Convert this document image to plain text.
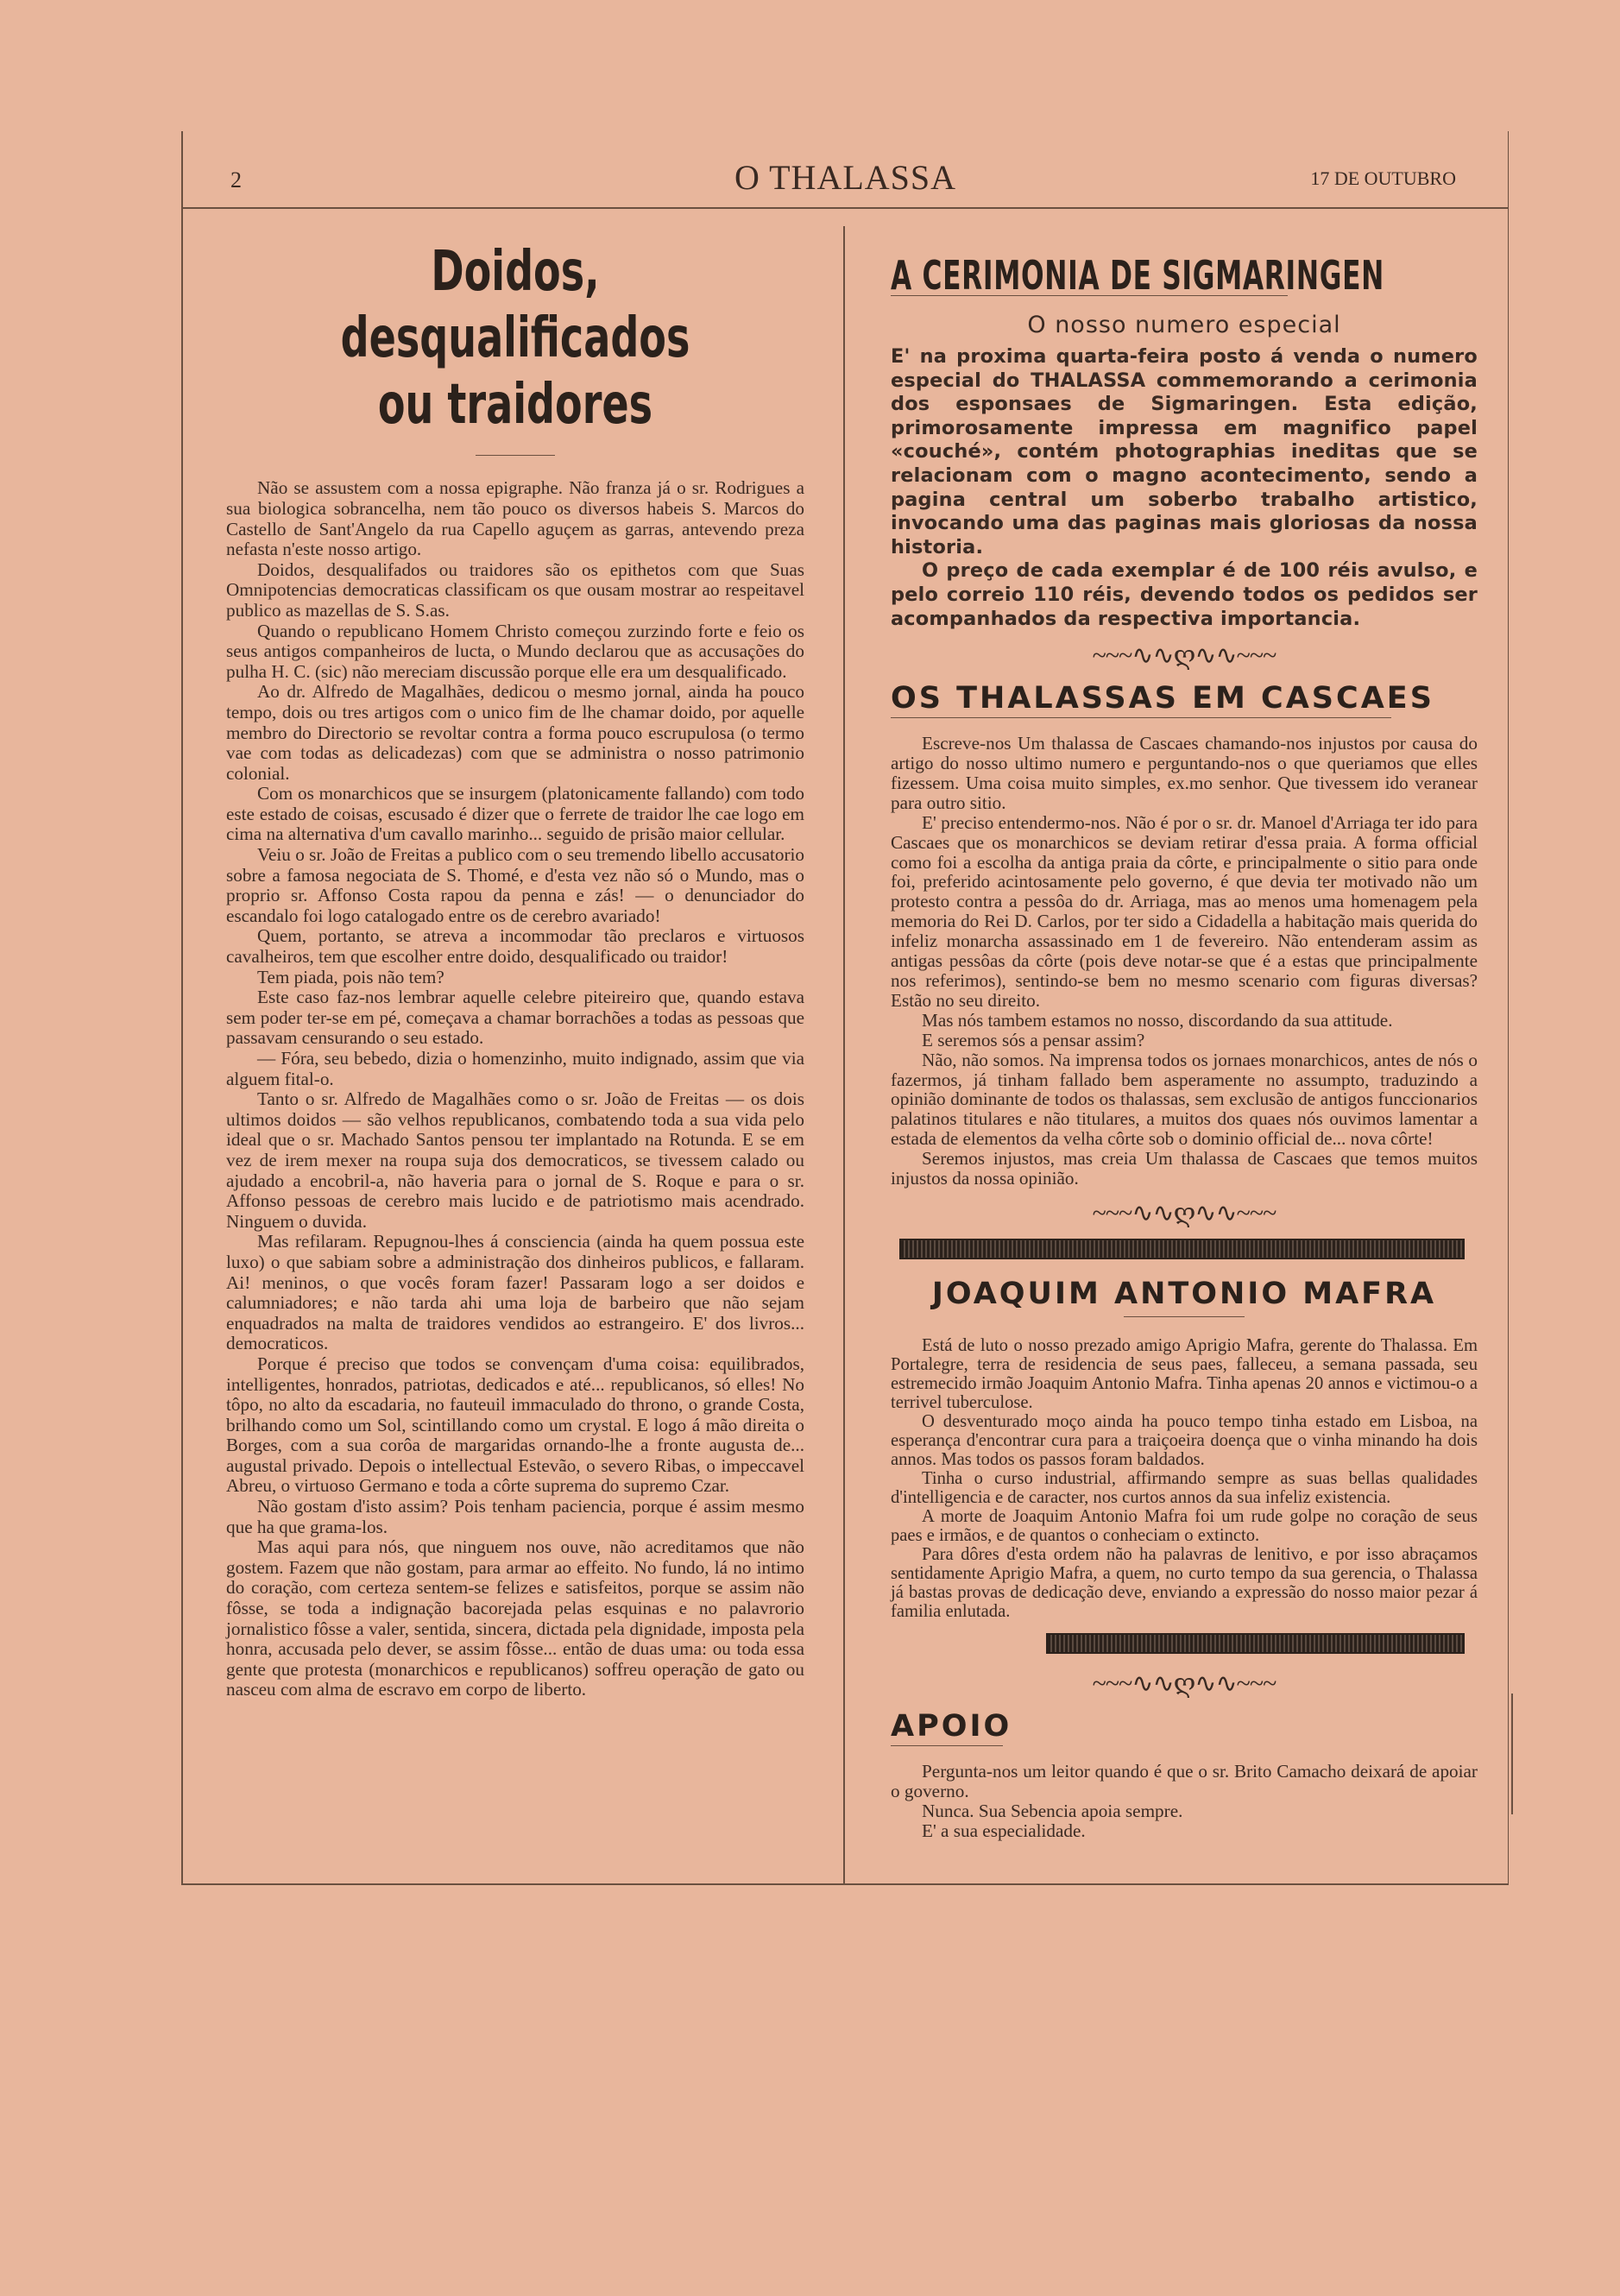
2	O THALASSA	17 DE OUTUBRO
Doidos, desqualificados
ou traidores

Não se assustem com a nossa epigraphe. Não franza já o sr. Rodrigues a sua biologica sobrancelha, nem tão pouco os diversos habeis S. Marcos do Castello de Sant'Angelo da rua Capello aguçem as garras, antevendo preza nefasta n'este nosso artigo.

Doidos, desqualifados ou traidores são os epithetos com que Suas Omnipotencias democraticas classificam os que ousam mostrar ao respeitavel publico as mazellas de S. S.as.

Quando o republicano Homem Christo começou zurzindo forte e feio os seus antigos companheiros de lucta, o Mundo declarou que as accusações do pulha H. C. (sic) não mereciam discussão porque elle era um desqualificado.

Ao dr. Alfredo de Magalhães, dedicou o mesmo jornal, ainda ha pouco tempo, dois ou tres artigos com o unico fim de lhe chamar doido, por aquelle membro do Directorio se revoltar contra a forma pouco escrupulosa (o termo vae com todas as delicadezas) com que se administra o nosso patrimonio colonial.

Com os monarchicos que se insurgem (platonicamente fallando) com todo este estado de coisas, escusado é dizer que o ferrete de traidor lhe cae logo em cima na alternativa d'um cavallo marinho... seguido de prisão maior cellular.

Veiu o sr. João de Freitas a publico com o seu tremendo libello accusatorio sobre a famosa negociata de S. Thomé, e d'esta vez não só o Mundo, mas o proprio sr. Affonso Costa rapou da penna e zás! — o denunciador do escandalo foi logo catalogado entre os de cerebro avariado!

Quem, portanto, se atreva a incommodar tão preclaros e virtuosos cavalheiros, tem que escolher entre doido, desqualificado ou traidor!

Tem piada, pois não tem?

Este caso faz-nos lembrar aquelle celebre piteireiro que, quando estava sem poder ter-se em pé, começava a chamar borrachões a todas as pessoas que passavam censurando o seu estado.

— Fóra, seu bebedo, dizia o homenzinho, muito indignado, assim que via alguem fital-o.

Tanto o sr. Alfredo de Magalhães como o sr. João de Freitas — os dois ultimos doidos — são velhos republicanos, combatendo toda a sua vida pelo ideal que o sr. Machado Santos pensou ter implantado na Rotunda. E se em vez de irem mexer na roupa suja dos democraticos, se tivessem calado ou ajudado a encobril-a, não haveria para o jornal de S. Roque e para o sr. Affonso pessoas de cerebro mais lucido e de patriotismo mais acendrado. Ninguem o duvida.

Mas refilaram. Repugnou-lhes á consciencia (ainda ha quem possua este luxo) o que sabiam sobre a administração dos dinheiros publicos, e fallaram. Ai! meninos, o que vocês foram fazer! Passaram logo a ser doidos e calumniadores; e não tarda ahi uma loja de barbeiro que não sejam enquadrados na malta de traidores vendidos ao estrangeiro. E' dos livros... democraticos.

Porque é preciso que todos se convençam d'uma coisa: equilibrados, intelligentes, honrados, patriotas, dedicados e até... republicanos, só elles! No tôpo, no alto da escadaria, no fauteuil immaculado do throno, o grande Costa, brilhando como um Sol, scintillando como um crystal. E logo á mão direita o Borges, com a sua corôa de margaridas ornando-lhe a fronte augusta de... augustal privado. Depois o intellectual Estevão, o severo Ribas, o impeccavel Abreu, o virtuoso Germano e toda a côrte suprema do supremo Czar.

Não gostam d'isto assim? Pois tenham paciencia, porque é assim mesmo que ha que grama-los.

Mas aqui para nós, que ninguem nos ouve, não acreditamos que não gostem. Fazem que não gostam, para armar ao effeito. No fundo, lá no intimo do coração, com certeza sentem-se felizes e satisfeitos, porque se assim não fôsse, se toda a indignação bacorejada pelas esquinas e no palavrorio jornalistico fôsse a valer, sentida, sincera, dictada pela dignidade, imposta pela honra, accusada pelo dever, se assim fôsse... então de duas uma: ou toda essa gente que protesta (monarchicos e republicanos) soffreu operação de gato ou nasceu com alma de escravo em corpo de liberto.

A CERIMONIA DE SIGMARINGEN
O nosso numero especial

E' na proxima quarta-feira posto á venda o numero especial do THALASSA commemorando a cerimonia dos esponsaes de Sigmaringen. Esta edição, primorosamente impressa em magnifico papel «couché», contém photographias ineditas que se relacionam com o magno acontecimento, sendo a pagina central um soberbo trabalho artistico, invocando uma das paginas mais gloriosas da nossa historia.

O preço de cada exemplar é de 100 réis avulso, e pelo correio 110 réis, devendo todos os pedidos ser acompanhados da respectiva importancia.

~~~∿∿ღ∿∿~~~
OS THALASSAS EM CASCAES

Escreve-nos Um thalassa de Cascaes chamando-nos injustos por causa do artigo do nosso ultimo numero e perguntando-nos o que queriamos que elles fizessem. Uma coisa muito simples, ex.mo senhor. Que tivessem ido veranear para outro sitio.

E' preciso entendermo-nos. Não é por o sr. dr. Manoel d'Arriaga ter ido para Cascaes que os monarchicos se deviam retirar d'essa praia. A forma official como foi a escolha da antiga praia da côrte, e principalmente o sitio para onde foi, preferido acintosamente pelo governo, é que devia ter motivado não um protesto contra a pessôa do dr. Arriaga, mas ao menos uma homenagem pela memoria do Rei D. Carlos, por ter sido a Cidadella a habitação mais querida do infeliz monarcha assassinado em 1 de fevereiro. Não entenderam assim as antigas pessôas da côrte (pois deve notar-se que é a estas que principalmente nos referimos), sentindo-se bem no mesmo scenario com figuras diversas? Estão no seu direito.

Mas nós tambem estamos no nosso, discordando da sua attitude.

E seremos sós a pensar assim?

Não, não somos. Na imprensa todos os jornaes monarchicos, antes de nós o fazermos, já tinham fallado bem asperamente no assumpto, traduzindo a opinião dominante de todos os thalassas, sem exclusão de antigos funccionarios palatinos titulares e não titulares, a muitos dos quaes nós ouvimos lamentar a estada de elementos da velha côrte sob o dominio official de... nova côrte!

Seremos injustos, mas creia Um thalassa de Cascaes que temos muitos injustos da nossa opinião.

~~~∿∿ღ∿∿~~~
JOAQUIM ANTONIO MAFRA

Está de luto o nosso prezado amigo Aprigio Mafra, gerente do Thalassa. Em Portalegre, terra de residencia de seus paes, falleceu, a semana passada, seu estremecido irmão Joaquim Antonio Mafra. Tinha apenas 20 annos e victimou-o a terrivel tuberculose.

O desventurado moço ainda ha pouco tempo tinha estado em Lisboa, na esperança d'encontrar cura para a traiçoeira doença que o vinha minando ha dois annos. Mas todos os passos foram baldados.

Tinha o curso industrial, affirmando sempre as suas bellas qualidades d'intelligencia e de caracter, nos curtos annos da sua infeliz existencia.

A morte de Joaquim Antonio Mafra foi um rude golpe no coração de seus paes e irmãos, e de quantos o conheciam o extincto.

Para dôres d'esta ordem não ha palavras de lenitivo, e por isso abraçamos sentidamente Aprigio Mafra, a quem, no curto tempo da sua gerencia, o Thalassa já bastas provas de dedicação deve, enviando a expressão do nosso maior pezar á familia enlutada.

~~~∿∿ღ∿∿~~~
APOIO

Pergunta-nos um leitor quando é que o sr. Brito Camacho deixará de apoiar o governo.

Nunca. Sua Sebencia apoia sempre.

E' a sua especialidade.
